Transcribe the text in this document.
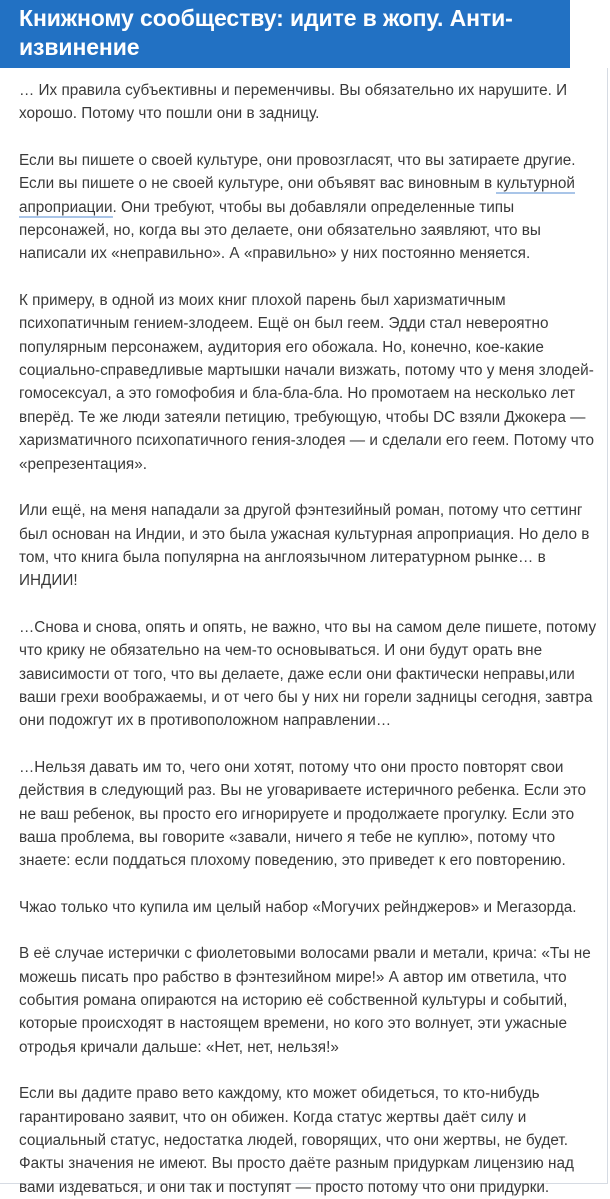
Книжному сообществу: идите в жопу. Анти-извинение

… Их правила субъективны и переменчивы. Вы обязательно их нарушите. И хорошо. Потому что пошли они в задницу.

Если вы пишете о своей культуре, они провозгласят, что вы затираете другие. Если вы пишете о не своей культуре, они объявят вас виновным в культурной апроприации. Они требуют, чтобы вы добавляли определенные типы персонажей, но, когда вы это делаете, они обязательно заявляют, что вы написали их «неправильно». А «правильно» у них постоянно меняется.

К примеру, в одной из моих книг плохой парень был харизматичным психопатичным гением-злодеем. Ещё он был геем. Эдди стал невероятно популярным персонажем, аудитория его обожала. Но, конечно, кое-какие социально-справедливые мартышки начали визжать, потому что у меня злодей-гомосексуал, а это гомофобия и бла-бла-бла. Но промотаем на несколько лет вперёд. Те же люди затеяли петицию, требующую, чтобы DC взяли Джокера — харизматичного психопатичного гения-злодея — и сделали его геем. Потому что «репрезентация».

Или ещё, на меня нападали за другой фэнтезийный роман, потому что сеттинг был основан на Индии, и это была ужасная культурная апроприация. Но дело в том, что книга была популярна на англоязычном литературном рынке… в ИНДИИ!

…Снова и снова, опять и опять, не важно, что вы на самом деле пишете, потому что крику не обязательно на чем-то основываться. И они будут орать вне зависимости от того, что вы делаете, даже если они фактически неправы,или ваши грехи воображаемы, и от чего бы у них ни горели задницы сегодня, завтра они подожгут их в противоположном направлении…

…Нельзя давать им то, чего они хотят, потому что они просто повторят свои действия в следующий раз. Вы не уговариваете истеричного ребенка. Если это не ваш ребенок, вы просто его игнорируете и продолжаете прогулку. Если это ваша проблема, вы говорите «завали, ничего я тебе не куплю», потому что знаете: если поддаться плохому поведению, это приведет к его повторению.

Чжао только что купила им целый набор «Могучих рейнджеров» и Мегазорда.

В её случае истерички с фиолетовыми волосами рвали и метали, крича: «Ты не можешь писать про рабство в фэнтезийном мире!» А автор им ответила, что события романа опираются на историю её собственной культуры и событий, которые происходят в настоящем времени, но кого это волнует, эти ужасные отродья кричали дальше: «Нет, нет, нельзя!»

Если вы дадите право вето каждому, кто может обидеться, то кто-нибудь гарантировано заявит, что он обижен. Когда статус жертвы даёт силу и социальный статус, недостатка людей, говорящих, что они жертвы, не будет. Факты значения не имеют. Вы просто даёте разным придуркам лицензию над вами издеваться, и они так и поступят — просто потому что они придурки.
